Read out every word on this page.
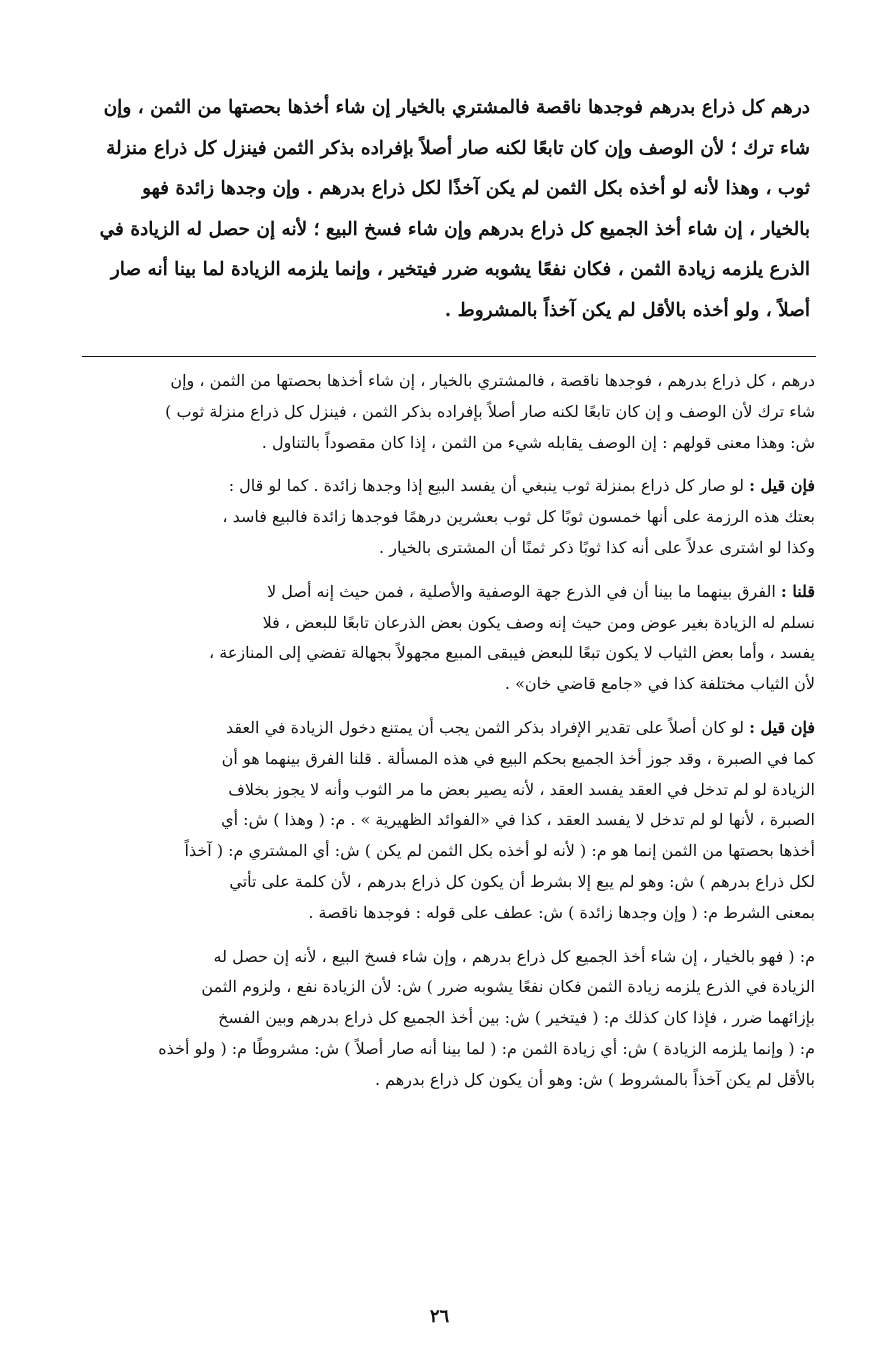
درهم كل ذراع بدرهم فوجدها ناقصة فالمشتري بالخيار إن شاء أخذها بحصتها من الثمن ، وإن

شاء ترك ؛ لأن الوصف وإن كان تابعًا لكنه صار أصلاً بإفراده بذكر الثمن فينزل كل ذراع منزلة

ثوب ، وهذا لأنه لو أخذه بكل الثمن لم يكن آخذًا لكل ذراع بدرهم . وإن وجدها زائدة فهو

بالخيار ، إن شاء أخذ الجميع كل ذراع بدرهم وإن شاء فسخ البيع ؛ لأنه إن حصل له الزيادة في

الذرع يلزمه زيادة الثمن ، فكان نفعًا يشوبه ضرر فيتخير ، وإنما يلزمه الزيادة لما بينا أنه صار

أصلاً ، ولو أخذه بالأقل لم يكن آخذاً بالمشروط .

درهم ، كل ذراع بدرهم ، فوجدها ناقصة ، فالمشتري بالخيار ، إن شاء أخذها بحصتها من الثمن ، وإن

شاء ترك لأن الوصف و إن كان تابعًا لكنه صار أصلاً بإفراده بذكر الثمن ، فينزل كل ذراع منزلة ثوب )

ش: وهذا معنى قولهم : إن الوصف يقابله شيء من الثمن ، إذا كان مقصوداً بالتناول .

فإن قيل : لو صار كل ذراع بمنزلة ثوب ينبغي أن يفسد البيع إذا وجدها زائدة . كما لو قال :

بعتك هذه الرزمة على أنها خمسون ثوبًا كل ثوب بعشرين درهمًا فوجدها زائدة فالبيع فاسد ،

وكذا لو اشترى عدلاً على أنه كذا ثوبًا ذكر ثمنًا أن المشترى بالخيار .

قلنا : الفرق بينهما ما بينا أن في الذرع جهة الوصفية والأصلية ، فمن حيث إنه أصل لا

نسلم له الزيادة بغير عوض ومن حيث إنه وصف يكون بعض الذرعان تابعًا للبعض ، فلا

يفسد ، وأما بعض الثياب لا يكون تبعًا للبعض فيبقى المبيع مجهولاً بجهالة تفضي إلى المنازعة ،

لأن الثياب مختلفة كذا في «جامع قاضي خان» .

فإن قيل : لو كان أصلاً على تقدير الإفراد بذكر الثمن يجب أن يمتنع دخول الزيادة في العقد

كما في الصبرة ، وقد جوز أخذ الجميع بحكم البيع في هذه المسألة . قلنا الفرق بينهما هو أن

الزيادة لو لم تدخل في العقد يفسد العقد ، لأنه يصير بعض ما مر الثوب وأنه لا يجوز بخلاف

الصبرة ، لأنها لو لم تدخل لا يفسد العقد ، كذا في «الفوائد الظهيرية » . م: ( وهذا ) ش: أي

أخذها بحصتها من الثمن إنما هو م: ( لأنه لو أخذه بكل الثمن لم يكن ) ش: أي المشتري م: ( آخذاً

لكل ذراع بدرهم ) ش: وهو لم يبع إلا بشرط أن يكون كل ذراع بدرهم ، لأن كلمة على تأتي

بمعنى الشرط م: ( وإن وجدها زائدة ) ش: عطف على قوله : فوجدها ناقصة .

م: ( فهو بالخيار ، إن شاء أخذ الجميع كل ذراع بدرهم ، وإن شاء فسخ البيع ، لأنه إن حصل له

الزيادة في الذرع يلزمه زيادة الثمن فكان نفعًا يشوبه ضرر ) ش: لأن الزيادة نفع ، ولزوم الثمن

بإزائهما ضرر ، فإذا كان كذلك م: ( فيتخير ) ش: بين أخذ الجميع كل ذراع بدرهم وبين الفسخ

م: ( وإنما يلزمه الزيادة ) ش: أي زيادة الثمن م: ( لما بينا أنه صار أصلاً ) ش: مشروطًا م: ( ولو أخذه

بالأقل لم يكن آخذاً بالمشروط ) ش: وهو أن يكون كل ذراع بدرهم .

٢٦
